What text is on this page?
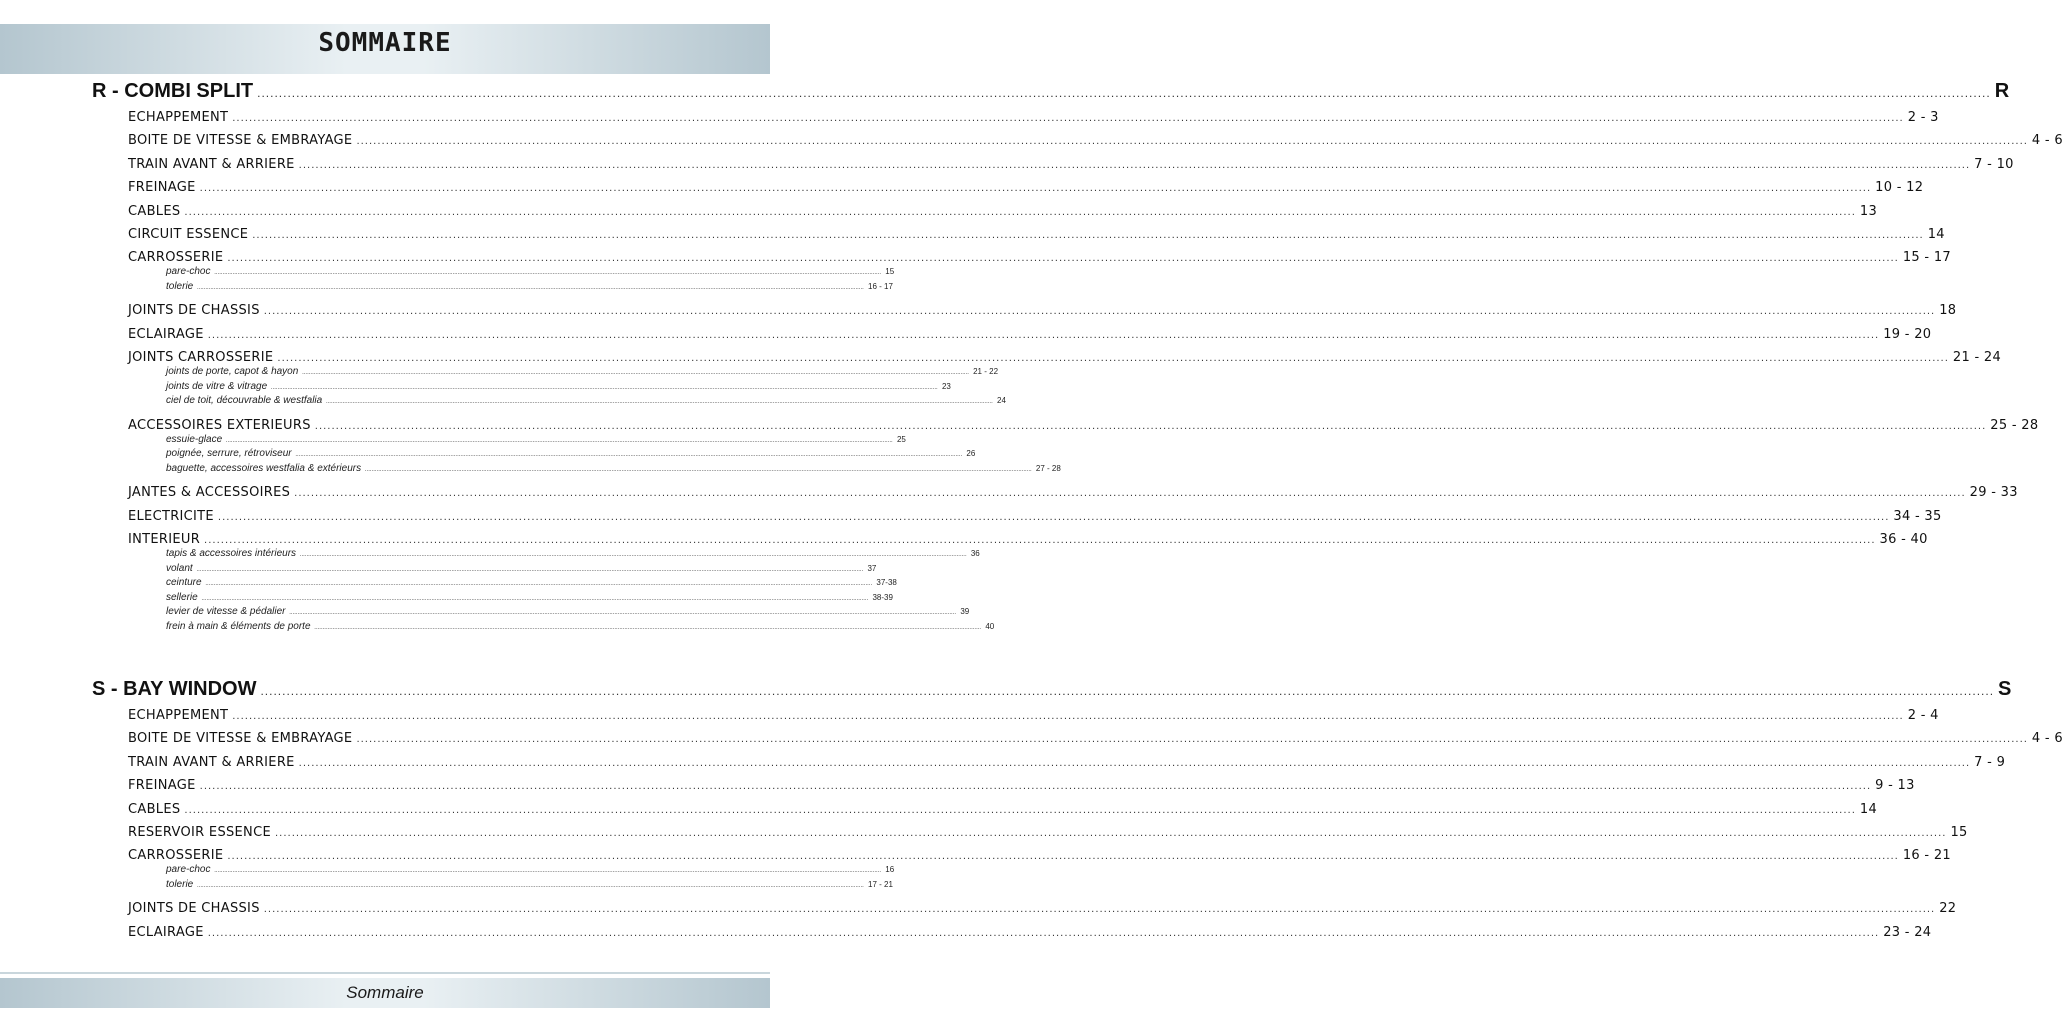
SOMMAIRE
R - COMBI SPLIT ................................................................................................................................................................................................................................................................................................................................................................................................................ R
ECHAPPEMENT ................................................................................................................................................................................................................................................................................................................................................................................................................ 2 - 3
BOITE DE VITESSE & EMBRAYAGE ................................................................................................................................................................................................................................................................................................................................................................................................................ 4 - 6
TRAIN AVANT & ARRIERE ................................................................................................................................................................................................................................................................................................................................................................................................................ 7 - 10
FREINAGE ................................................................................................................................................................................................................................................................................................................................................................................................................ 10 - 12
CABLES ................................................................................................................................................................................................................................................................................................................................................................................................................ 13
CIRCUIT ESSENCE ................................................................................................................................................................................................................................................................................................................................................................................................................ 14
CARROSSERIE ................................................................................................................................................................................................................................................................................................................................................................................................................ 15 - 17
pare-choc ................................................................................................................................................................................................................................................................................................................................................................................................................ 15
tolerie ................................................................................................................................................................................................................................................................................................................................................................................................................ 16 - 17
JOINTS DE CHASSIS ................................................................................................................................................................................................................................................................................................................................................................................................................ 18
ECLAIRAGE ................................................................................................................................................................................................................................................................................................................................................................................................................ 19 - 20
JOINTS CARROSSERIE ................................................................................................................................................................................................................................................................................................................................................................................................................ 21 - 24
joints de porte, capot & hayon ................................................................................................................................................................................................................................................................................................................................................................................................................ 21 - 22
joints de vitre & vitrage ................................................................................................................................................................................................................................................................................................................................................................................................................ 23
ciel de toit, découvrable & westfalia ................................................................................................................................................................................................................................................................................................................................................................................................................ 24
ACCESSOIRES EXTERIEURS ................................................................................................................................................................................................................................................................................................................................................................................................................ 25 - 28
essuie-glace ................................................................................................................................................................................................................................................................................................................................................................................................................ 25
poignée, serrure, rétroviseur ................................................................................................................................................................................................................................................................................................................................................................................................................ 26
baguette, accessoires westfalia & extérieurs ................................................................................................................................................................................................................................................................................................................................................................................................................ 27 - 28
JANTES & ACCESSOIRES ................................................................................................................................................................................................................................................................................................................................................................................................................ 29 - 33
ELECTRICITE ................................................................................................................................................................................................................................................................................................................................................................................................................ 34 - 35
INTERIEUR ................................................................................................................................................................................................................................................................................................................................................................................................................ 36 - 40
tapis & accessoires intérieurs ................................................................................................................................................................................................................................................................................................................................................................................................................ 36
volant ................................................................................................................................................................................................................................................................................................................................................................................................................ 37
ceinture ................................................................................................................................................................................................................................................................................................................................................................................................................ 37-38
sellerie ................................................................................................................................................................................................................................................................................................................................................................................................................ 38-39
levier de vitesse & pédalier ................................................................................................................................................................................................................................................................................................................................................................................................................ 39
frein à main & éléments de porte ................................................................................................................................................................................................................................................................................................................................................................................................................ 40
S - BAY WINDOW ................................................................................................................................................................................................................................................................................................................................................................................................................ S
ECHAPPEMENT ................................................................................................................................................................................................................................................................................................................................................................................................................ 2 - 4
BOITE DE VITESSE & EMBRAYAGE ................................................................................................................................................................................................................................................................................................................................................................................................................ 4 - 6
TRAIN AVANT & ARRIERE ................................................................................................................................................................................................................................................................................................................................................................................................................ 7 - 9
FREINAGE ................................................................................................................................................................................................................................................................................................................................................................................................................ 9 - 13
CABLES ................................................................................................................................................................................................................................................................................................................................................................................................................ 14
RESERVOIR ESSENCE ................................................................................................................................................................................................................................................................................................................................................................................................................ 15
CARROSSERIE ................................................................................................................................................................................................................................................................................................................................................................................................................ 16 - 21
pare-choc ................................................................................................................................................................................................................................................................................................................................................................................................................ 16
tolerie ................................................................................................................................................................................................................................................................................................................................................................................................................ 17 - 21
JOINTS DE CHASSIS ................................................................................................................................................................................................................................................................................................................................................................................................................ 22
ECLAIRAGE ................................................................................................................................................................................................................................................................................................................................................................................................................ 23 - 24
Sommaire
